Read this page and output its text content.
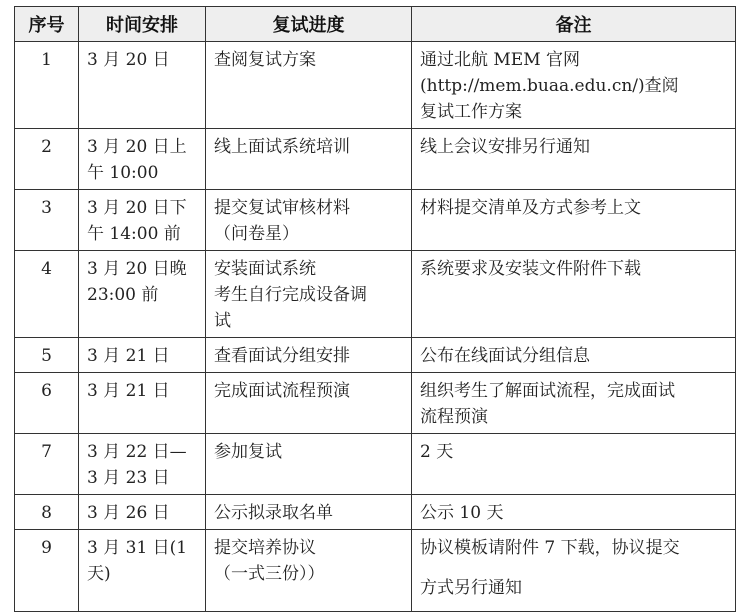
序号	时间安排	复试进度	备注
1	3 月 20 日	查阅复试方案	通过北航 MEM 官网
(http://mem.buaa.edu.cn/)查阅
复试工作方案

2	3 月 20 日上
午 10:00	线上面试系统培训	线上会议安排另行通知

3	3 月 20 日下
午 14:00 前	提交复试审核材料
（问卷星）	材料提交清单及方式参考上文

4	3 月 20 日晚
23:00 前	安装面试系统
考生自行完成设备调
试	系统要求及安装文件附件下载

5	3 月 21 日	查看面试分组安排	公布在线面试分组信息

6	3 月 21 日	完成面试流程预演	组织考生了解面试流程，完成面试
流程预演

7	3 月 22 日—
3 月 23 日	参加复试	2 天

8	3 月 26 日	公示拟录取名单	公示 10 天

9	3 月 31 日(1
天)	提交培养协议
（一式三份））	协议模板请附件 7 下载，协议提交
方式另行通知
